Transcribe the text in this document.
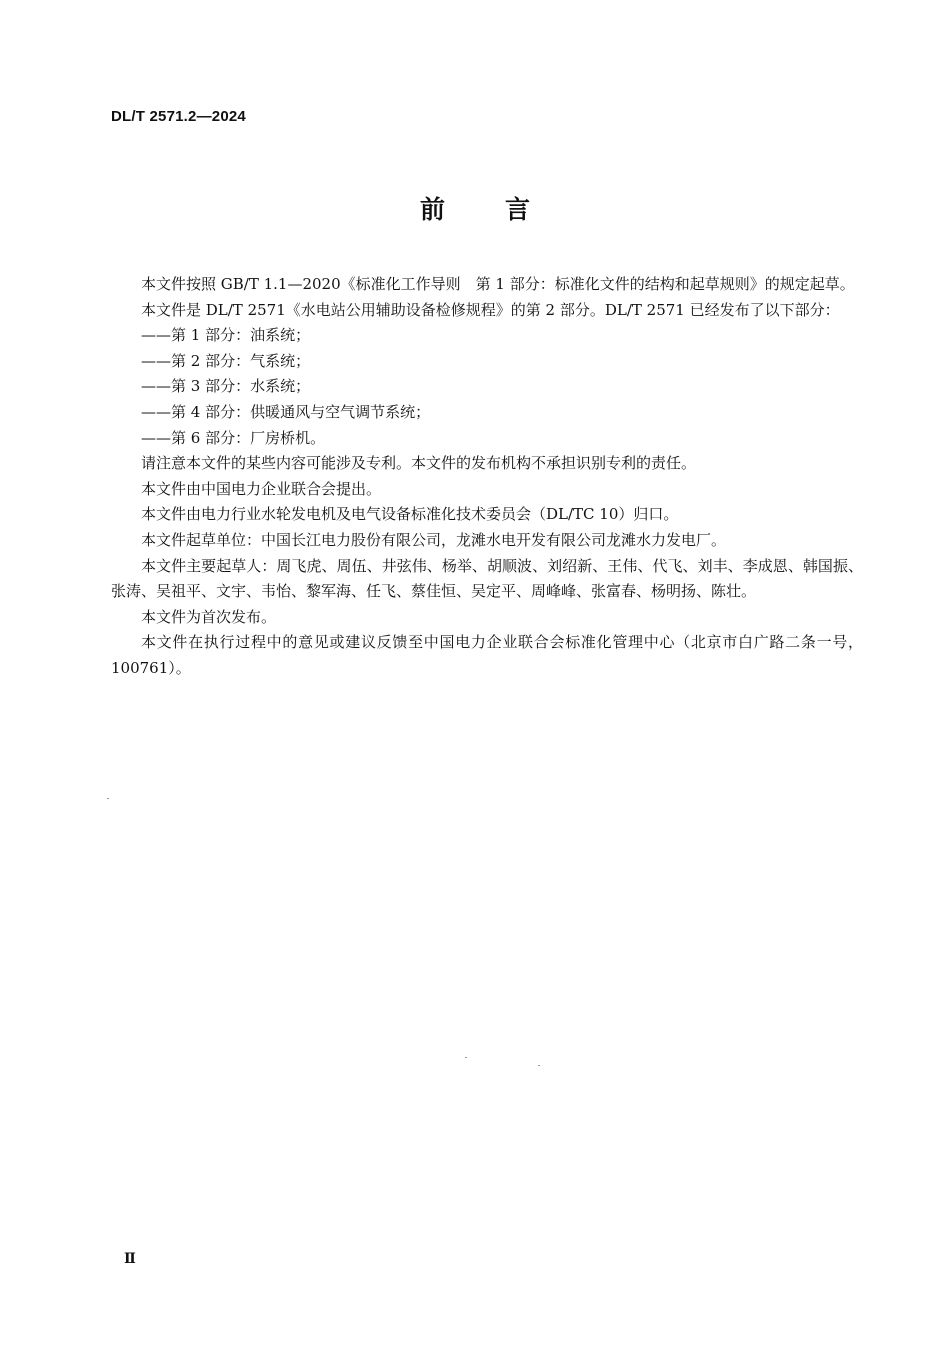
DL/T 2571.2—2024
前言

本文件按照 GB/T 1.1—2020《标准化工作导则　第 1 部分：标准化文件的结构和起草规则》的规定起草。

本文件是 DL/T 2571《水电站公用辅助设备检修规程》的第 2 部分。DL/T 2571 已经发布了以下部分：

——第 1 部分：油系统；

——第 2 部分：气系统；

——第 3 部分：水系统；

——第 4 部分：供暖通风与空气调节系统；

——第 6 部分：厂房桥机。

请注意本文件的某些内容可能涉及专利。本文件的发布机构不承担识别专利的责任。

本文件由中国电力企业联合会提出。

本文件由电力行业水轮发电机及电气设备标准化技术委员会（DL/TC 10）归口。

本文件起草单位：中国长江电力股份有限公司，龙滩水电开发有限公司龙滩水力发电厂。

本文件主要起草人：周飞虎、周伍、井弦伟、杨举、胡顺波、刘绍新、王伟、代飞、刘丰、李成恩、韩国振、张涛、吴祖平、文宇、韦怡、黎军海、任飞、蔡佳恒、吴定平、周峰峰、张富春、杨明扬、陈壮。

本文件为首次发布。

本文件在执行过程中的意见或建议反馈至中国电力企业联合会标准化管理中心（北京市白广路二条一号，100761）。

Ⅱ
